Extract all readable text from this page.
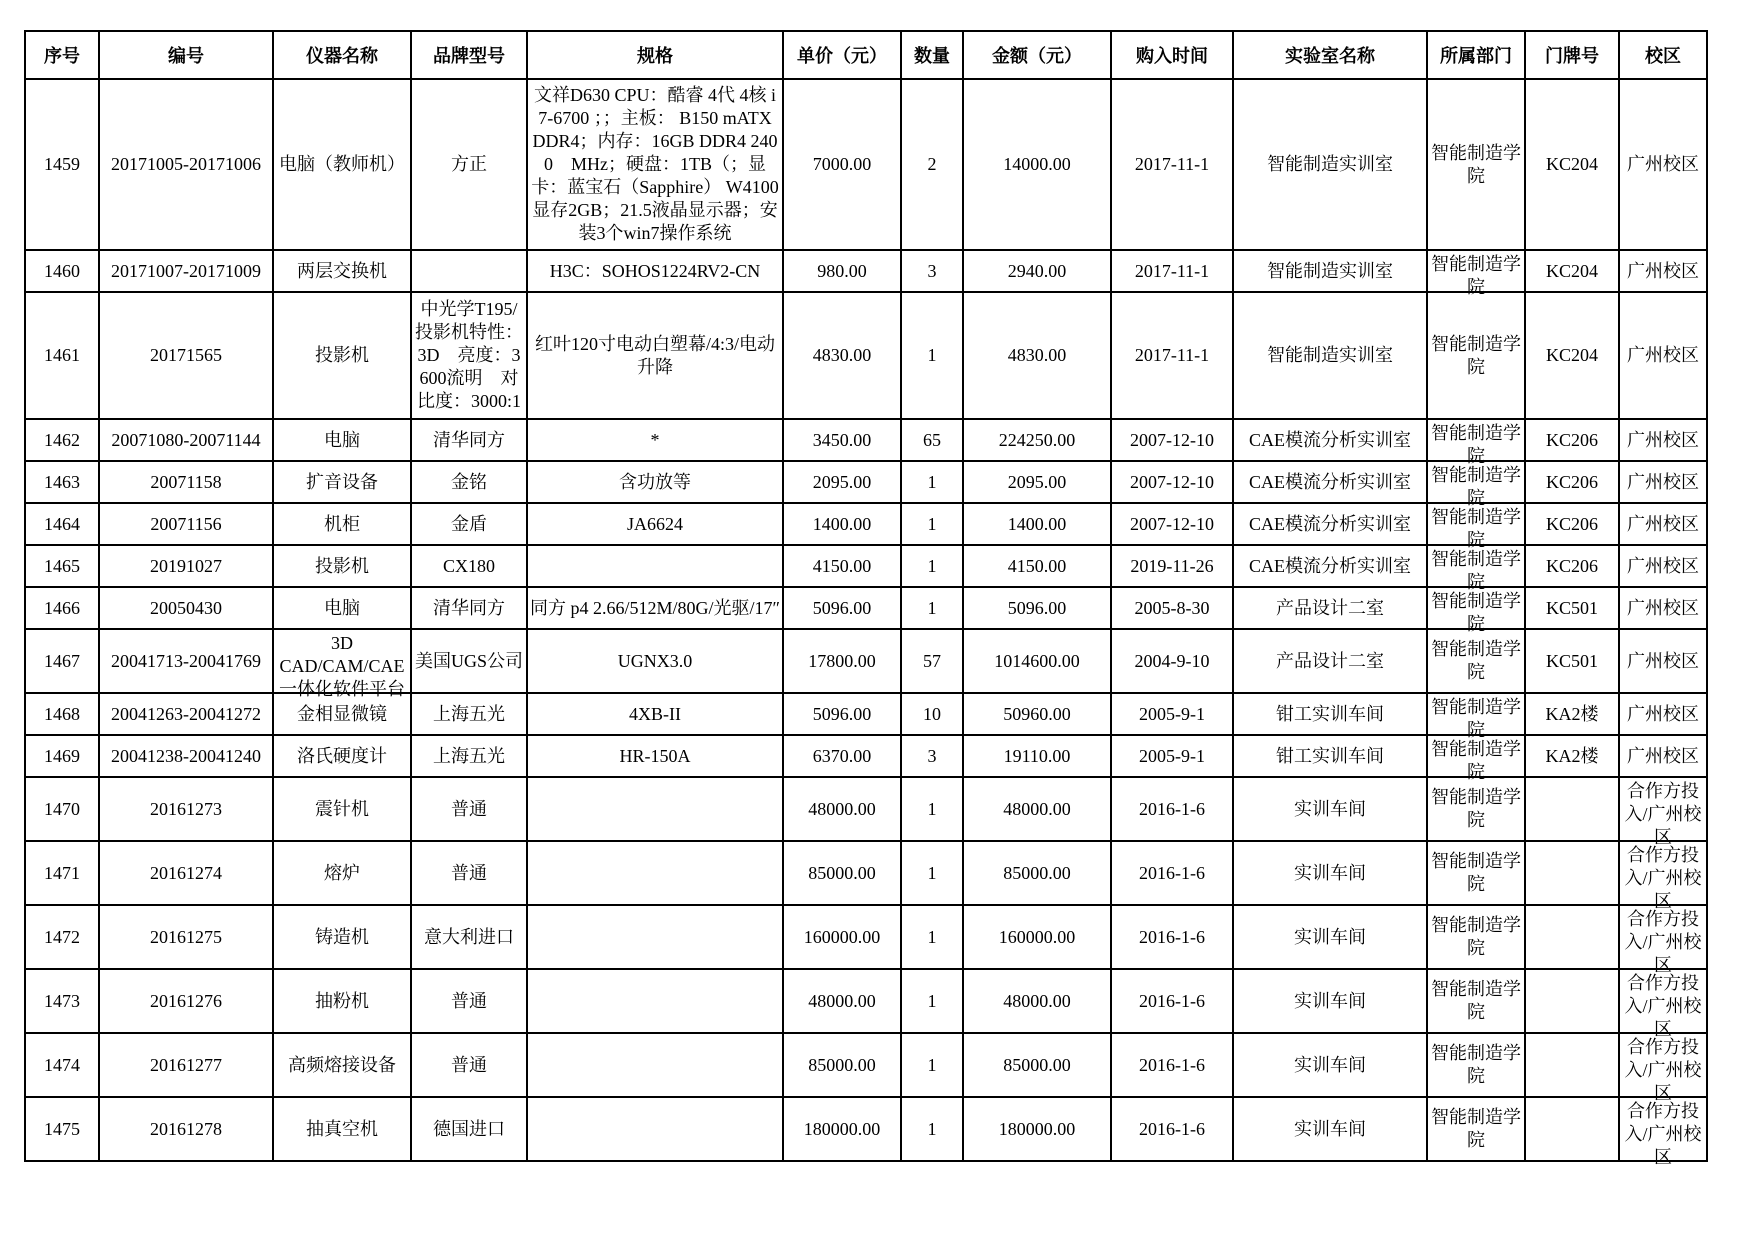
序号	编号	仪器名称	品牌型号	规格	单价（元）	数量	金额（元）	购入时间	实验室名称	所属部门	门牌号	校区

1459	20171005-20171006	电脑（教师机）	方正	文祥D630 CPU：酷睿 4代 4核 i7-6700 ；；主板： B150 mATX DDR4；内存：16GB DDR4 2400　MHz；硬盘：1TB（；显卡：蓝宝石（Sapphire） W4100　显存2GB；21.5液晶显示器；安装3个win7操作系统	7000.00	2	14000.00	2017-11-1	智能制造实训室	智能制造学院	KC204	广州校区

1460	20171007-20171009	两层交换机		H3C：SOHOS1224RV2-CN	980.00	3	2940.00	2017-11-1	智能制造实训室	智能制造学院	KC204	广州校区

1461	20171565	投影机	中光学T195/投影机特性：3D　亮度：3600流明　对比度：3000:1	红叶120寸电动白塑幕/4:3/电动升降	4830.00	1	4830.00	2017-11-1	智能制造实训室	智能制造学院	KC204	广州校区

1462	20071080-20071144	电脑	清华同方	*	3450.00	65	224250.00	2007-12-10	CAE模流分析实训室	智能制造学院	KC206	广州校区

1463	20071158	扩音设备	金铭	含功放等	2095.00	1	2095.00	2007-12-10	CAE模流分析实训室	智能制造学院	KC206	广州校区

1464	20071156	机柜	金盾	JA6624	1400.00	1	1400.00	2007-12-10	CAE模流分析实训室	智能制造学院	KC206	广州校区

1465	20191027	投影机	CX180		4150.00	1	4150.00	2019-11-26	CAE模流分析实训室	智能制造学院	KC206	广州校区

1466	20050430	电脑	清华同方	同方 p4 2.66/512M/80G/光驱/17″	5096.00	1	5096.00	2005-8-30	产品设计二室	智能制造学院	KC501	广州校区

1467	20041713-20041769	3D CAD/CAM/CAE一体化软件平台	美国UGS公司	UGNX3.0	17800.00	57	1014600.00	2004-9-10	产品设计二室	智能制造学院	KC501	广州校区

1468	20041263-20041272	金相显微镜	上海五光	4XB-II	5096.00	10	50960.00	2005-9-1	钳工实训车间	智能制造学院	KA2楼	广州校区

1469	20041238-20041240	洛氏硬度计	上海五光	HR-150A	6370.00	3	19110.00	2005-9-1	钳工实训车间	智能制造学院	KA2楼	广州校区

1470	20161273	震针机	普通		48000.00	1	48000.00	2016-1-6	实训车间	智能制造学院		合作方投入/广州校区

1471	20161274	熔炉	普通		85000.00	1	85000.00	2016-1-6	实训车间	智能制造学院		合作方投入/广州校区

1472	20161275	铸造机	意大利进口		160000.00	1	160000.00	2016-1-6	实训车间	智能制造学院		合作方投入/广州校区

1473	20161276	抽粉机	普通		48000.00	1	48000.00	2016-1-6	实训车间	智能制造学院		合作方投入/广州校区

1474	20161277	高频熔接设备	普通		85000.00	1	85000.00	2016-1-6	实训车间	智能制造学院		合作方投入/广州校区

1475	20161278	抽真空机	德国进口		180000.00	1	180000.00	2016-1-6	实训车间	智能制造学院		合作方投入/广州校区
